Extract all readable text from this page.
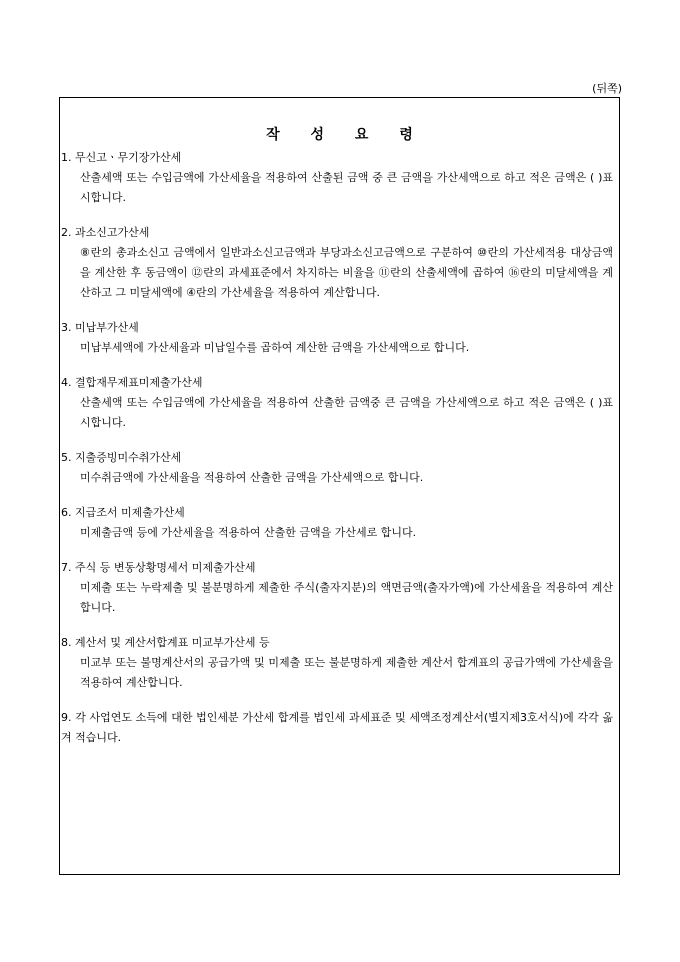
(뒤쪽)
작 성 요 령
1. 무신고ㆍ무기장가산세
산출세액 또는 수입금액에 가산세율을 적용하여 산출된 금액 중 큰 금액을 가산세액으로 하고 적은 금액은 ( )표시합니다.
2. 과소신고가산세
⑧란의 총과소신고 금액에서 일반과소신고금액과 부당과소신고금액으로 구분하여 ⑩란의 가산세적용 대상금액을 계산한 후 동금액이 ⑫란의 과세표준에서 차지하는 비율을 ⑪란의 산출세액에 곱하여 ⑯란의 미달세액을 계산하고 그 미달세액에 ④란의 가산세율을 적용하여 계산합니다.
3. 미납부가산세
미납부세액에 가산세율과 미납일수를 곱하여 계산한 금액을 가산세액으로 합니다.
4. 결합재무제표미제출가산세
산출세액 또는 수입금액에 가산세율을 적용하여 산출한 금액중 큰 금액을 가산세액으로 하고 적은 금액은 ( )표시합니다.
5. 지출증빙미수취가산세
미수취금액에 가산세율을 적용하여 산출한 금액을 가산세액으로 합니다.
6. 지급조서 미제출가산세
미제출금액 등에 가산세율을 적용하여 산출한 금액을 가산세로 합니다.
7. 주식 등 변동상황명세서 미제출가산세
미제출 또는 누락제출 및 불분명하게 제출한 주식(출자지분)의 액면금액(출자가액)에 가산세율을 적용하여 계산합니다.
8. 계산서 및 계산서합계표 미교부가산세 등
미교부 또는 불명계산서의 공급가액 및 미제출 또는 불분명하게 제출한 계산서 합계표의 공급가액에 가산세율을 적용하여 계산합니다.
9. 각 사업연도 소득에 대한 법인세분 가산세 합계를 법인세 과세표준 및 세액조정계산서(별지제3호서식)에 각각 옮겨 적습니다.
